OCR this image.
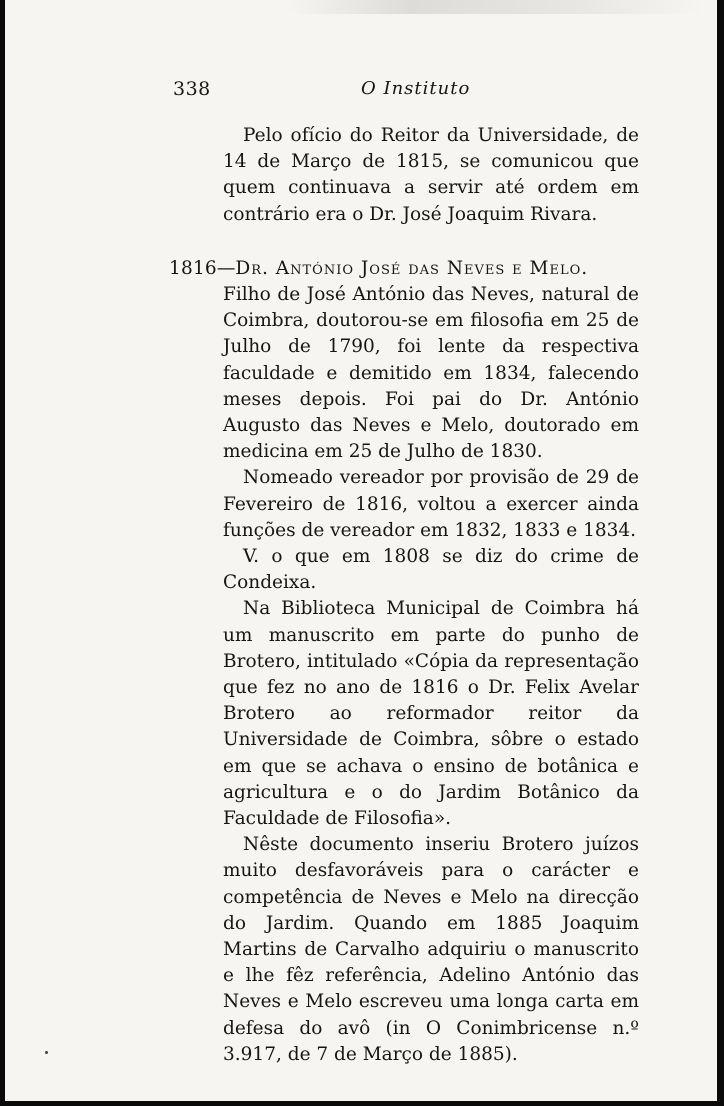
338	O Instituto

Pelo ofício do Reitor da Universidade, de 14 de Março de 1815, se comunicou que quem continuava a servir até ordem em contrário era o Dr. José Joaquim Rivara.

1816—Dr. António José das Neves e Melo.

Filho de José António das Neves, natural de Coimbra, doutorou-se em filosofia em 25 de Julho de 1790, foi lente da respectiva faculdade e demitido em 1834, falecendo meses depois. Foi pai do Dr. António Augusto das Neves e Melo, doutorado em medicina em 25 de Julho de 1830.

Nomeado vereador por provisão de 29 de Fevereiro de 1816, voltou a exercer ainda funções de vereador em 1832, 1833 e 1834.

V. o que em 1808 se diz do crime de Condeixa.

Na Biblioteca Municipal de Coimbra há um manuscrito em parte do punho de Brotero, intitulado «Cópia da representação que fez no ano de 1816 o Dr. Felix Avelar Brotero ao reformador reitor da Universidade de Coimbra, sôbre o estado em que se achava o ensino de botânica e agricultura e o do Jardim Botânico da Faculdade de Filosofia».

Nêste documento inseriu Brotero juízos muito desfavoráveis para o carácter e competência de Neves e Melo na direcção do Jardim. Quando em 1885 Joaquim Martins de Carvalho adquiriu o manuscrito e lhe fêz referência, Adelino António das Neves e Melo escreveu uma longa carta em defesa do avô (in O Conimbricense n.º 3.917, de 7 de Março de 1885).
